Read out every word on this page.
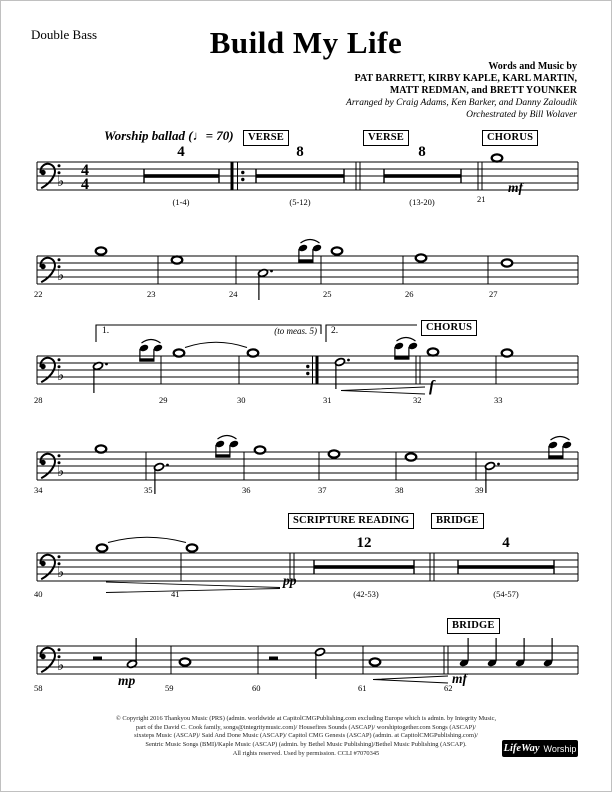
♭
4
4
♭
♭
♭
♭
♭
Double Bass	Build My Life
Words and Music by
PAT BARRETT, KIRBY KAPLE, KARL MARTIN,
MATT REDMAN, and BRETT YOUNKER
Arranged by Craig Adams, Ken Barker, and Danny Zaloudik
Orchestrated by Bill Wolaver
Worship ballad (♩= 70)	VERSE	VERSE	CHORUS
4	8	8
(1-4)	(5-12)	(13-20)	21
mf
22	23	24	25	26	27
1.	(to meas. 5) 2.	CHORUS
f
28	29	30	31	32	33
34	35	36	37	38	39
SCRIPTURE READING	BRIDGE
12	4
pp
40	41	(42-53)	(54-57)
BRIDGE
mp	mf
58	59	60	61	62
© Copyright 2016 Thankyou Music (PRS) (admin. worldwide at CapitolCMGPublishing.com excluding Europe which is admin. by Integrity Music,
part of the David C. Cook family, songs@integritymusic.com)/ Housefires Sounds (ASCAP)/ worshiptogether.com Songs (ASCAP)/
sixsteps Music (ASCAP)/ Said And Done Music (ASCAP)/ Capitol CMG Genesis (ASCAP) (admin. at CapitolCMGPublishing.com)/
Sentric Music Songs (BMI)/Kaple Music (ASCAP) (admin. by Bethel Music Publishing)/Bethel Music Publishing (ASCAP).
All rights reserved. Used by permission. CCLI #7070345	LifeWay Worship
